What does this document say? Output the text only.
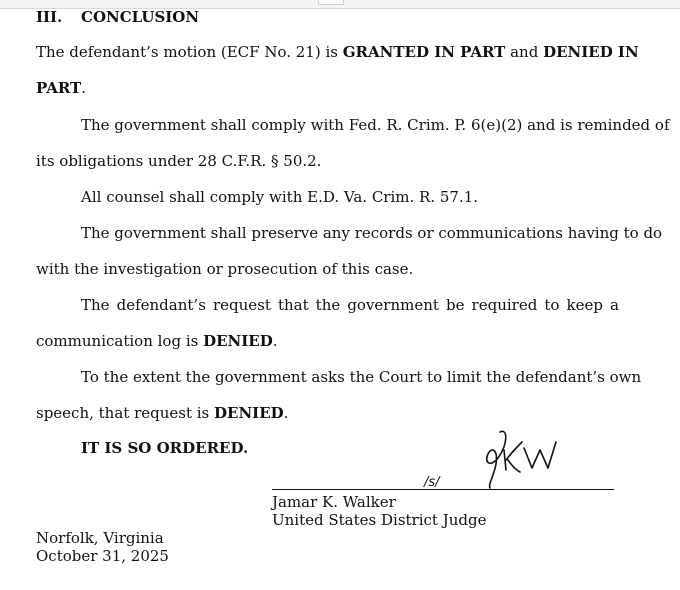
III. CONCLUSION
The defendant’s motion (ECF No. 21) is GRANTED IN PART and DENIED IN
PART.
The government shall comply with Fed. R. Crim. P. 6(e)(2) and is reminded of
its obligations under 28 C.F.R. § 50.2.
All counsel shall comply with E.D. Va. Crim. R. 57.1.
The government shall preserve any records or communications having to do
with the investigation or prosecution of this case.
The defendant’s request that the government be required to keep a
communication log is DENIED.
To the extent the government asks the Court to limit the defendant’s own
speech, that request is DENIED.
IT IS SO ORDERED.
/s/
Jamar K. Walker
United States District Judge
Norfolk, Virginia
October 31, 2025
